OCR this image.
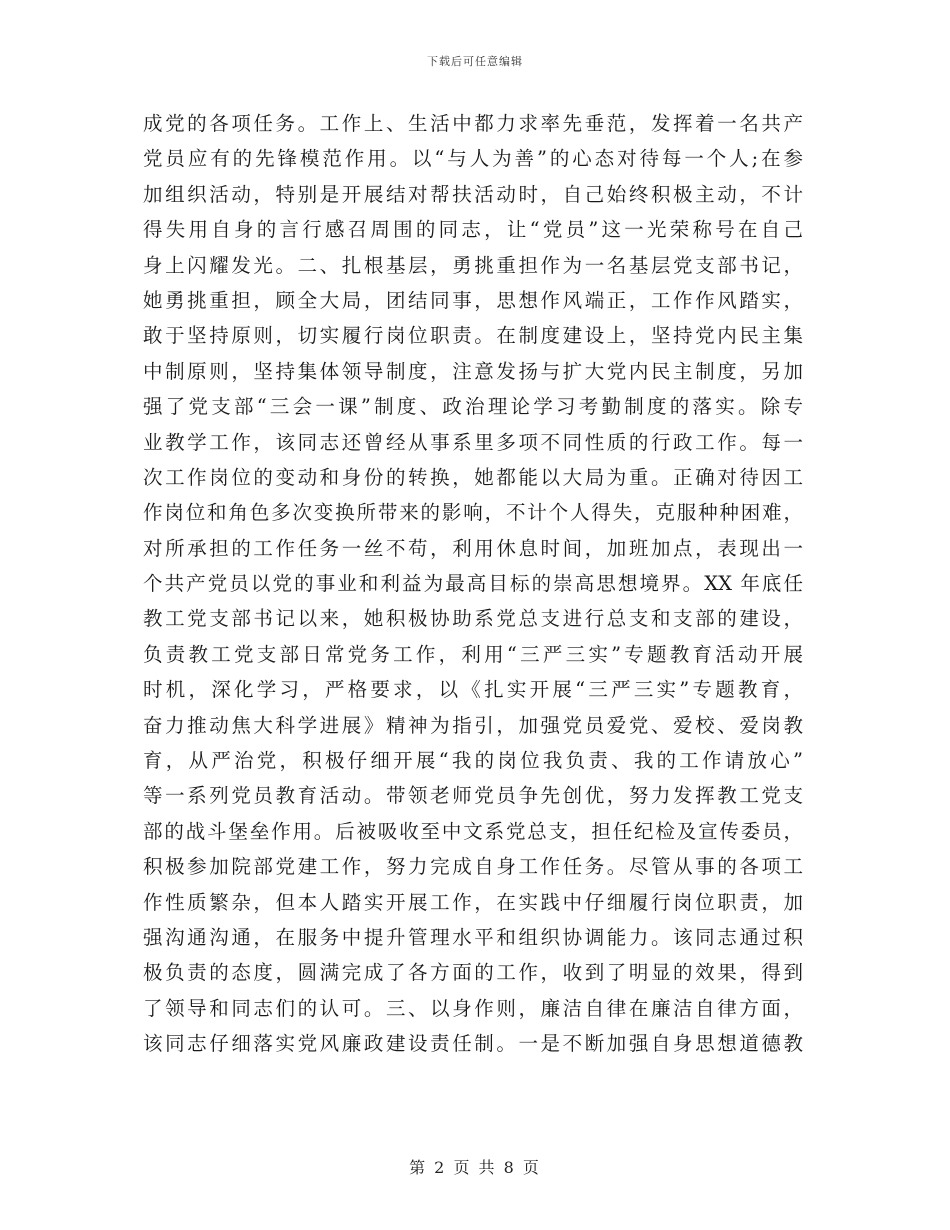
下载后可任意编辑
成党的各项任务。工作上、生活中都力求率先垂范，发挥着一名共产
党员应有的先锋模范作用。以“与人为善”的心态对待每一个人;在参
加组织活动，特别是开展结对帮扶活动时，自己始终积极主动，不计
得失用自身的言行感召周围的同志，让“党员”这一光荣称号在自己
身上闪耀发光。二、扎根基层，勇挑重担作为一名基层党支部书记，
她勇挑重担，顾全大局，团结同事，思想作风端正，工作作风踏实，
敢于坚持原则，切实履行岗位职责。在制度建设上，坚持党内民主集
中制原则，坚持集体领导制度，注意发扬与扩大党内民主制度，另加
强了党支部“三会一课”制度、政治理论学习考勤制度的落实。除专
业教学工作，该同志还曾经从事系里多项不同性质的行政工作。每一
次工作岗位的变动和身份的转换，她都能以大局为重。正确对待因工
作岗位和角色多次变换所带来的影响，不计个人得失，克服种种困难，
对所承担的工作任务一丝不苟，利用休息时间，加班加点，表现出一
个共产党员以党的事业和利益为最高目标的崇高思想境界。XX 年底任
教工党支部书记以来，她积极协助系党总支进行总支和支部的建设，
负责教工党支部日常党务工作，利用“三严三实”专题教育活动开展
时机，深化学习，严格要求，以《扎实开展“三严三实”专题教育，
奋力推动焦大科学进展》精神为指引，加强党员爱党、爱校、爱岗教
育，从严治党，积极仔细开展“我的岗位我负责、我的工作请放心”
等一系列党员教育活动。带领老师党员争先创优，努力发挥教工党支
部的战斗堡垒作用。后被吸收至中文系党总支，担任纪检及宣传委员，
积极参加院部党建工作，努力完成自身工作任务。尽管从事的各项工
作性质繁杂，但本人踏实开展工作，在实践中仔细履行岗位职责，加
强沟通沟通，在服务中提升管理水平和组织协调能力。该同志通过积
极负责的态度，圆满完成了各方面的工作，收到了明显的效果，得到
了领导和同志们的认可。三、以身作则，廉洁自律在廉洁自律方面，
该同志仔细落实党风廉政建设责任制。一是不断加强自身思想道德教
第 2 页 共 8 页
